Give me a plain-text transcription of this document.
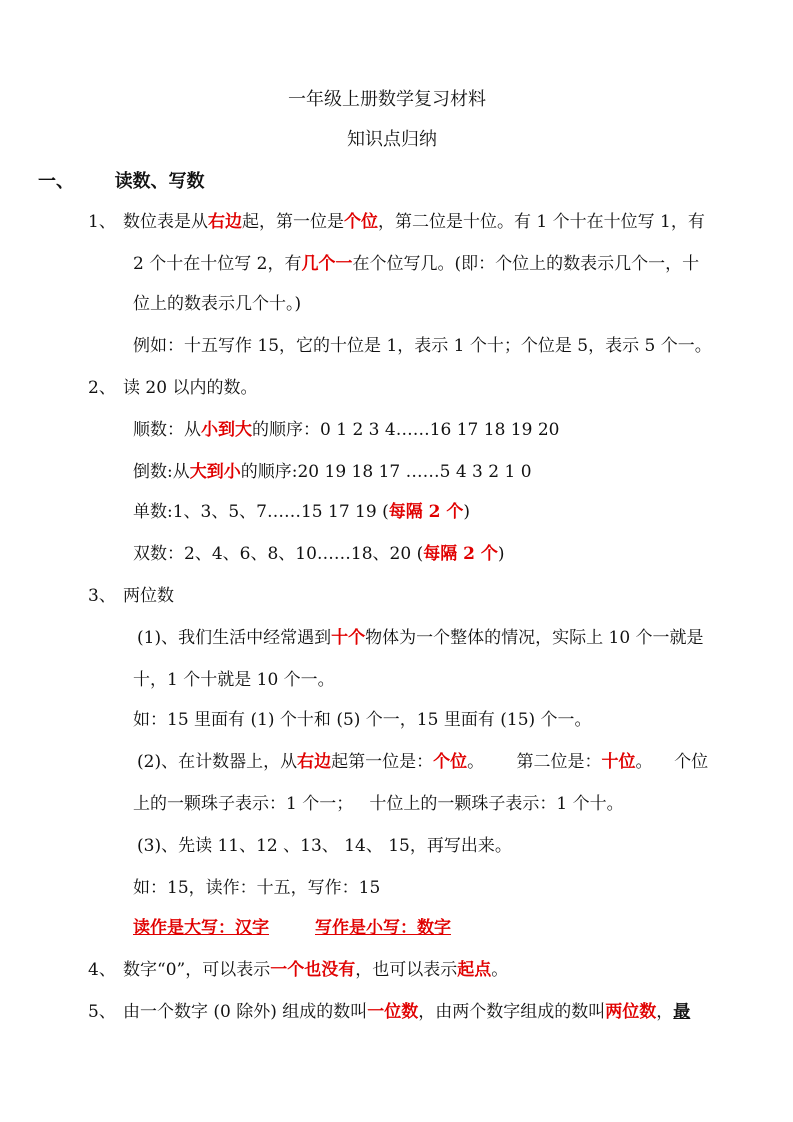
一年级上册数学复习材料
知识点归纳
一、 读数、写数
1、 数位表是从右边起，第一位是个位，第二位是十位。有 1 个十在十位写 1，有
2 个十在十位写 2，有几个一在个位写几。(即：个位上的数表示几个一，十
位上的数表示几个十。)
例如：十五写作 15，它的十位是 1，表示 1 个十；个位是 5，表示 5 个一。
2、 读 20 以内的数。
顺数：从小到大的顺序：0 1 2 3 4……16 17 18 19 20
倒数:从大到小的顺序:20 19 18 17 ……5 4 3 2 1 0
单数:1、3、5、7……15 17 19 (每隔 2 个)
双数：2、4、6、8、10……18、20 (每隔 2 个)
3、 两位数
(1)、我们生活中经常遇到十个物体为一个整体的情况，实际上 10 个一就是
十，1 个十就是 10 个一。
如：15 里面有 (1) 个十和 (5) 个一，15 里面有 (15) 个一。
(2)、在计数器上，从右边起第一位是：个位。      第二位是：十位。    个位
上的一颗珠子表示：1 个一；   十位上的一颗珠子表示：1 个十。
(3)、先读 11、12 、13、 14、 15，再写出来。
如：15，读作：十五，写作：15
读作是大写：汉字	写作是小写：数字
4、 数字“0”，可以表示一个也没有，也可以表示起点。
5、 由一个数字 (0 除外) 组成的数叫一位数，由两个数字组成的数叫两位数，最
